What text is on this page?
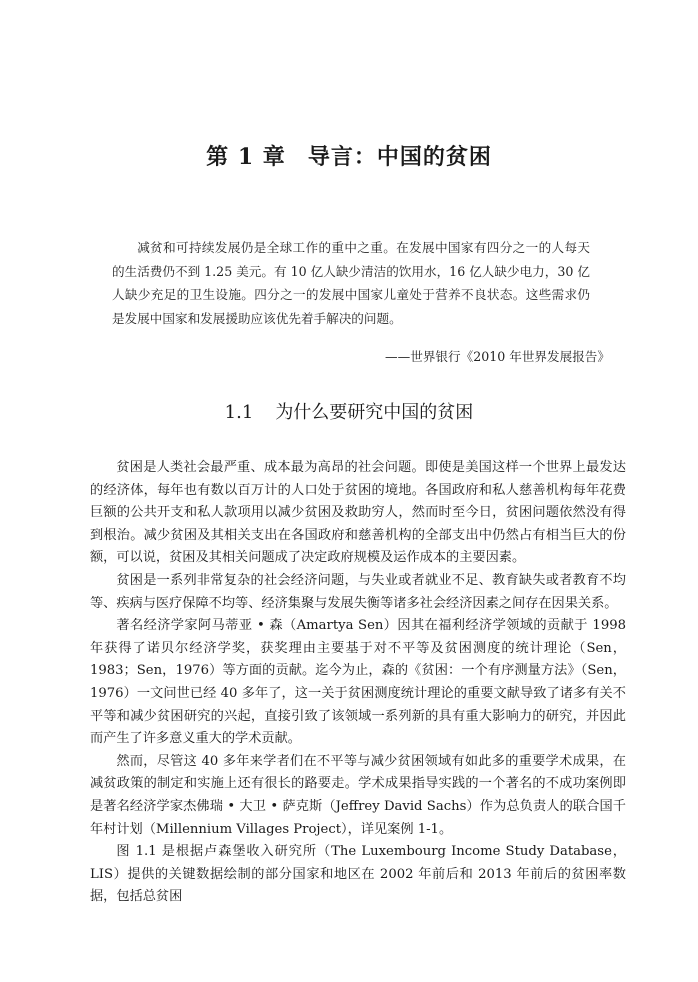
第 1 章 导言：中国的贫困

减贫和可持续发展仍是全球工作的重中之重。在发展中国家有四分之一的人每天的生活费仍不到 1.25 美元。有 10 亿人缺少清洁的饮用水，16 亿人缺少电力，30 亿人缺少充足的卫生设施。四分之一的发展中国家儿童处于营养不良状态。这些需求仍是发展中国家和发展援助应该优先着手解决的问题。

——世界银行《2010 年世界发展报告》
1.1 为什么要研究中国的贫困

贫困是人类社会最严重、成本最为高昂的社会问题。即使是美国这样一个世界上最发达的经济体，每年也有数以百万计的人口处于贫困的境地。各国政府和私人慈善机构每年花费巨额的公共开支和私人款项用以减少贫困及救助穷人，然而时至今日，贫困问题依然没有得到根治。减少贫困及其相关支出在各国政府和慈善机构的全部支出中仍然占有相当巨大的份额，可以说，贫困及其相关问题成了决定政府规模及运作成本的主要因素。

贫困是一系列非常复杂的社会经济问题，与失业或者就业不足、教育缺失或者教育不均等、疾病与医疗保障不均等、经济集聚与发展失衡等诸多社会经济因素之间存在因果关系。

著名经济学家阿马蒂亚 • 森（Amartya Sen）因其在福利经济学领域的贡献于 1998 年获得了诺贝尔经济学奖，获奖理由主要基于对不平等及贫困测度的统计理论（Sen，1983；Sen，1976）等方面的贡献。迄今为止，森的《贫困：一个有序测量方法》（Sen，1976）一文问世已经 40 多年了，这一关于贫困测度统计理论的重要文献导致了诸多有关不平等和减少贫困研究的兴起，直接引致了该领域一系列新的具有重大影响力的研究，并因此而产生了许多意义重大的学术贡献。

然而，尽管这 40 多年来学者们在不平等与减少贫困领域有如此多的重要学术成果，在减贫政策的制定和实施上还有很长的路要走。学术成果指导实践的一个著名的不成功案例即是著名经济学家杰佛瑞 • 大卫 • 萨克斯（Jeffrey David Sachs）作为总负责人的联合国千年村计划（Millennium Villages Project），详见案例 1-1。

图 1.1 是根据卢森堡收入研究所（The Luxembourg Income Study Database，LIS）提供的关键数据绘制的部分国家和地区在 2002 年前后和 2013 年前后的贫困率数据，包括总贫困
